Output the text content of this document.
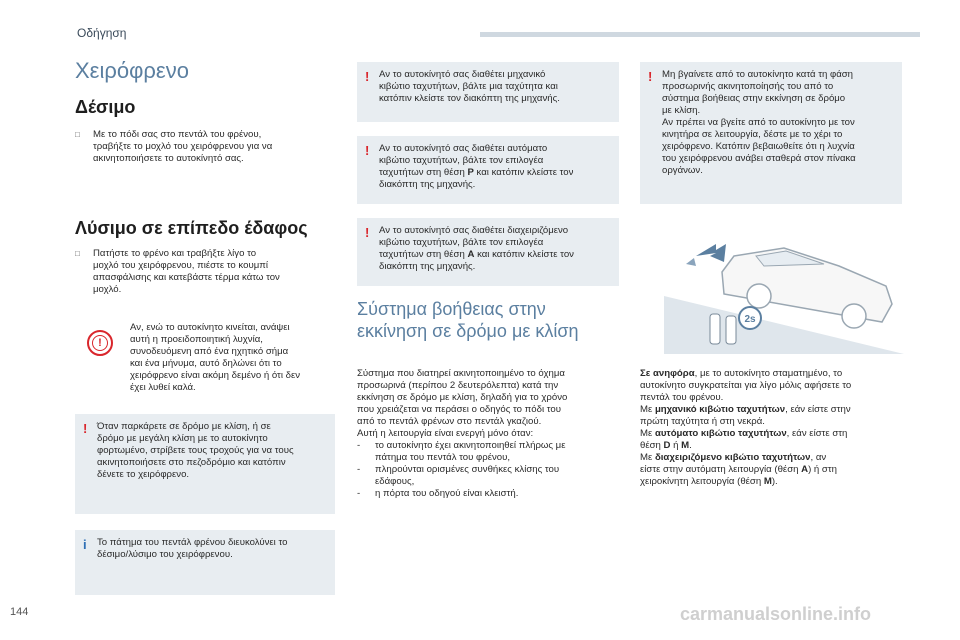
Οδήγηση
Χειρόφρενο
Δέσιμο
□ Με το πόδι σας στο πεντάλ του φρένου,
τραβήξτε το μοχλό του χειρόφρενου για να
ακινητοποιήσετε το αυτοκίνητό σας.
Λύσιμο σε επίπεδο έδαφος
□ Πατήστε το φρένο και τραβήξτε λίγο το
μοχλό του χειρόφρενου, πιέστε το κουμπί
απασφάλισης και κατεβάστε τέρμα κάτω τον
μοχλό.
!
Αν, ενώ το αυτοκίνητο κινείται, ανάψει
αυτή η προειδοποιητική λυχνία,
συνοδευόμενη από ένα ηχητικό σήμα
και ένα μήνυμα, αυτό δηλώνει ότι το
χειρόφρενο είναι ακόμη δεμένο ή ότι δεν
έχει λυθεί καλά.
! Όταν παρκάρετε σε δρόμο με κλίση, ή σε
δρόμο με μεγάλη κλίση με το αυτοκίνητο
φορτωμένο, στρίβετε τους τροχούς για να τους
ακινητοποιήσετε στο πεζοδρόμιο και κατόπιν
δένετε το χειρόφρενο.
i Το πάτημα του πεντάλ φρένου διευκολύνει το
δέσιμο/λύσιμο του χειρόφρενου.
! Αν το αυτοκίνητό σας διαθέτει μηχανικό
κιβώτιο ταχυτήτων, βάλτε μια ταχύτητα και
κατόπιν κλείστε τον διακόπτη της μηχανής.
! Αν το αυτοκίνητό σας διαθέτει αυτόματο
κιβώτιο ταχυτήτων, βάλτε τον επιλογέα
ταχυτήτων στη θέση P και κατόπιν κλείστε τον
διακόπτη της μηχανής.
! Αν το αυτοκίνητό σας διαθέτει διαχειριζόμενο
κιβώτιο ταχυτήτων, βάλτε τον επιλογέα
ταχυτήτων στη θέση A και κατόπιν κλείστε τον
διακόπτη της μηχανής.
Σύστημα βοήθειας στην
εκκίνηση σε δρόμο με κλίση
Σύστημα που διατηρεί ακινητοποιημένο το όχημα
προσωρινά (περίπου 2 δευτερόλεπτα) κατά την
εκκίνηση σε δρόμο με κλίση, δηλαδή για το χρόνο
που χρειάζεται να περάσει ο οδηγός το πόδι του
από το πεντάλ φρένων στο πεντάλ γκαζιού.
Αυτή η λειτουργία είναι ενεργή μόνο όταν:
- το αυτοκίνητο έχει ακινητοποιηθεί πλήρως με
πάτημα του πεντάλ του φρένου,
- πληρούνται ορισμένες συνθήκες κλίσης του
εδάφους,
- η πόρτα του οδηγού είναι κλειστή.
! Μη βγαίνετε από το αυτοκίνητο κατά τη φάση
προσωρινής ακινητοποίησής του από το
σύστημα βοήθειας στην εκκίνηση σε δρόμο
με κλίση.
Αν πρέπει να βγείτε από το αυτοκίνητο με τον
κινητήρα σε λειτουργία, δέστε με το χέρι το
χειρόφρενο. Κατόπιν βεβαιωθείτε ότι η λυχνία
του χειρόφρενου ανάβει σταθερά στον πίνακα
οργάνων.
2s
Σε ανηφόρα, με το αυτοκίνητο σταματημένο, το
αυτοκίνητο συγκρατείται για λίγο μόλις αφήσετε το
πεντάλ του φρένου.
Με μηχανικό κιβώτιο ταχυτήτων, εάν είστε στην
πρώτη ταχύτητα ή στη νεκρά.
Με αυτόματο κιβώτιο ταχυτήτων, εάν είστε στη
θέση D ή M.
Με διαχειριζόμενο κιβώτιο ταχυτήτων, αν
είστε στην αυτόματη λειτουργία (θέση A) ή στη
χειροκίνητη λειτουργία (θέση M).
144	carmanualsonline.info
